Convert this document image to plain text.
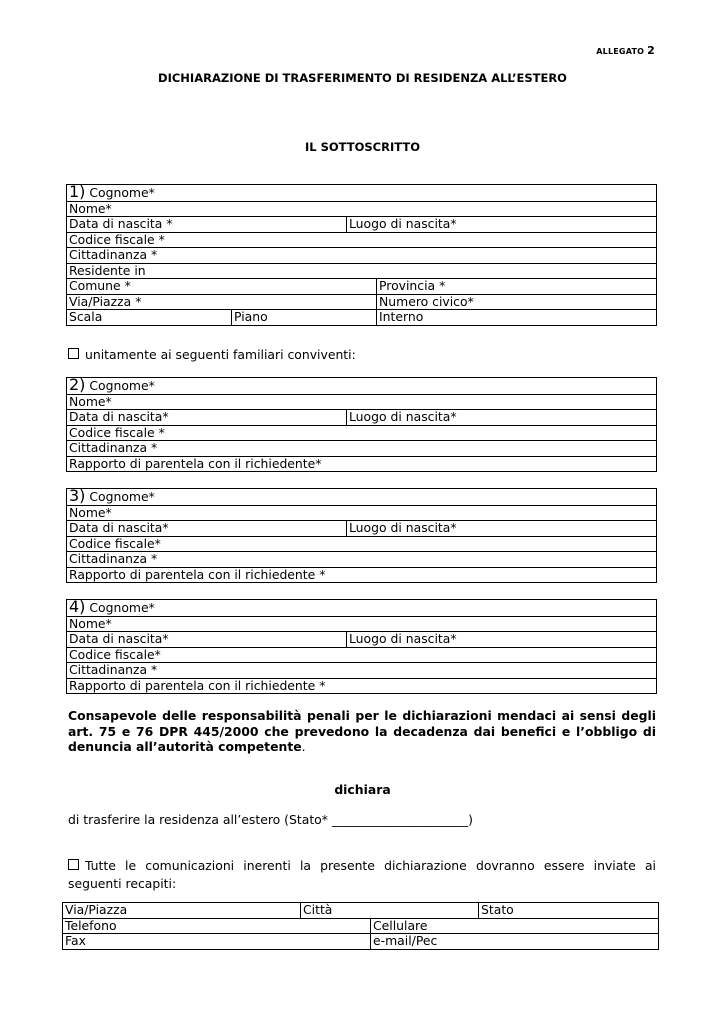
ALLEGATO 2
DICHIARAZIONE DI TRASFERIMENTO DI RESIDENZA ALL’ESTERO
IL SOTTOSCRITTO
1) Cognome*			
Nome*			
Data di nascita *		Luogo di nascita*	
Codice fiscale *			
Cittadinanza *			
Residente in			
Comune *			Provincia *
Via/Piazza *			Numero civico*
Scala	Piano		Interno
unitamente ai seguenti familiari conviventi:
2) Cognome*
Nome*
Data di nascita*	Luogo di nascita*
Codice fiscale *
Cittadinanza *
Rapporto di parentela con il richiedente*
3) Cognome*
Nome*
Data di nascita*	Luogo di nascita*
Codice fiscale*
Cittadinanza *
Rapporto di parentela con il richiedente *
4) Cognome*
Nome*
Data di nascita*	Luogo di nascita*
Codice fiscale*
Cittadinanza *
Rapporto di parentela con il richiedente *
Consapevole delle responsabilità penali per le dichiarazioni mendaci ai sensi degli art. 75 e 76 DPR 445/2000 che prevedono la decadenza dai benefici e l’obbligo di denuncia all’autorità competente.
dichiara
di trasferire la residenza all’estero (Stato* ______________________)
Tutte le comunicazioni inerenti la presente dichiarazione dovranno essere inviate ai seguenti recapiti:
Via/Piazza	Città		Stato
Telefono		Cellulare	
Fax		e-mail/Pec	
